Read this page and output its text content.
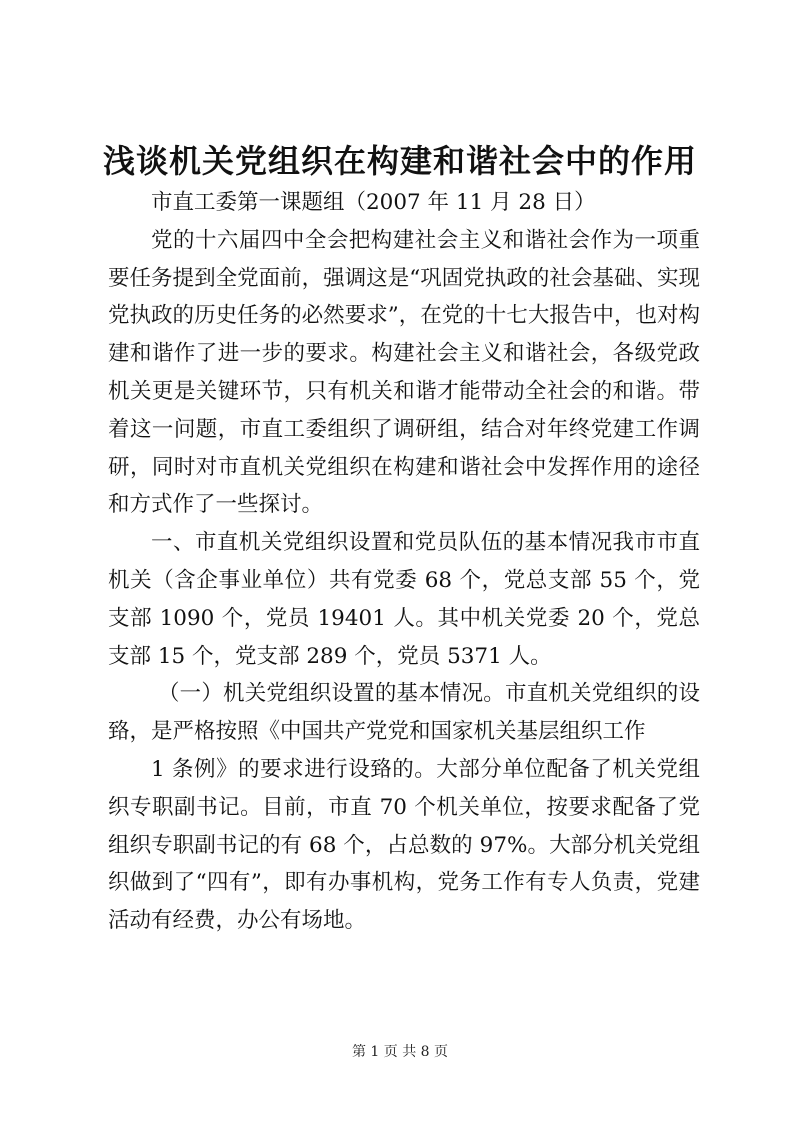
浅谈机关党组织在构建和谐社会中的作用

市直工委第一课题组（2007 年 11 月 28 日）

党的十六届四中全会把构建社会主义和谐社会作为一项重要任务提到全党面前，强调这是“巩固党执政的社会基础、实现党执政的历史任务的必然要求”，在党的十七大报告中，也对构建和谐作了进一步的要求。构建社会主义和谐社会，各级党政机关更是关键环节，只有机关和谐才能带动全社会的和谐。带着这一问题，市直工委组织了调研组，结合对年终党建工作调研，同时对市直机关党组织在构建和谐社会中发挥作用的途径和方式作了一些探讨。

一、市直机关党组织设置和党员队伍的基本情况我市市直机关（含企事业单位）共有党委 68 个，党总支部 55 个，党支部 1090 个，党员 19401 人。其中机关党委 20 个，党总支部 15 个，党支部 289 个，党员 5371 人。

（一）机关党组织设置的基本情况。市直机关党组织的设臵，是严格按照《中国共产党党和国家机关基层组织工作

1 条例》的要求进行设臵的。大部分单位配备了机关党组织专职副书记。目前，市直 70 个机关单位，按要求配备了党组织专职副书记的有 68 个，占总数的 97%。大部分机关党组织做到了“四有”，即有办事机构，党务工作有专人负责，党建活动有经费，办公有场地。

第 1 页 共 8 页
